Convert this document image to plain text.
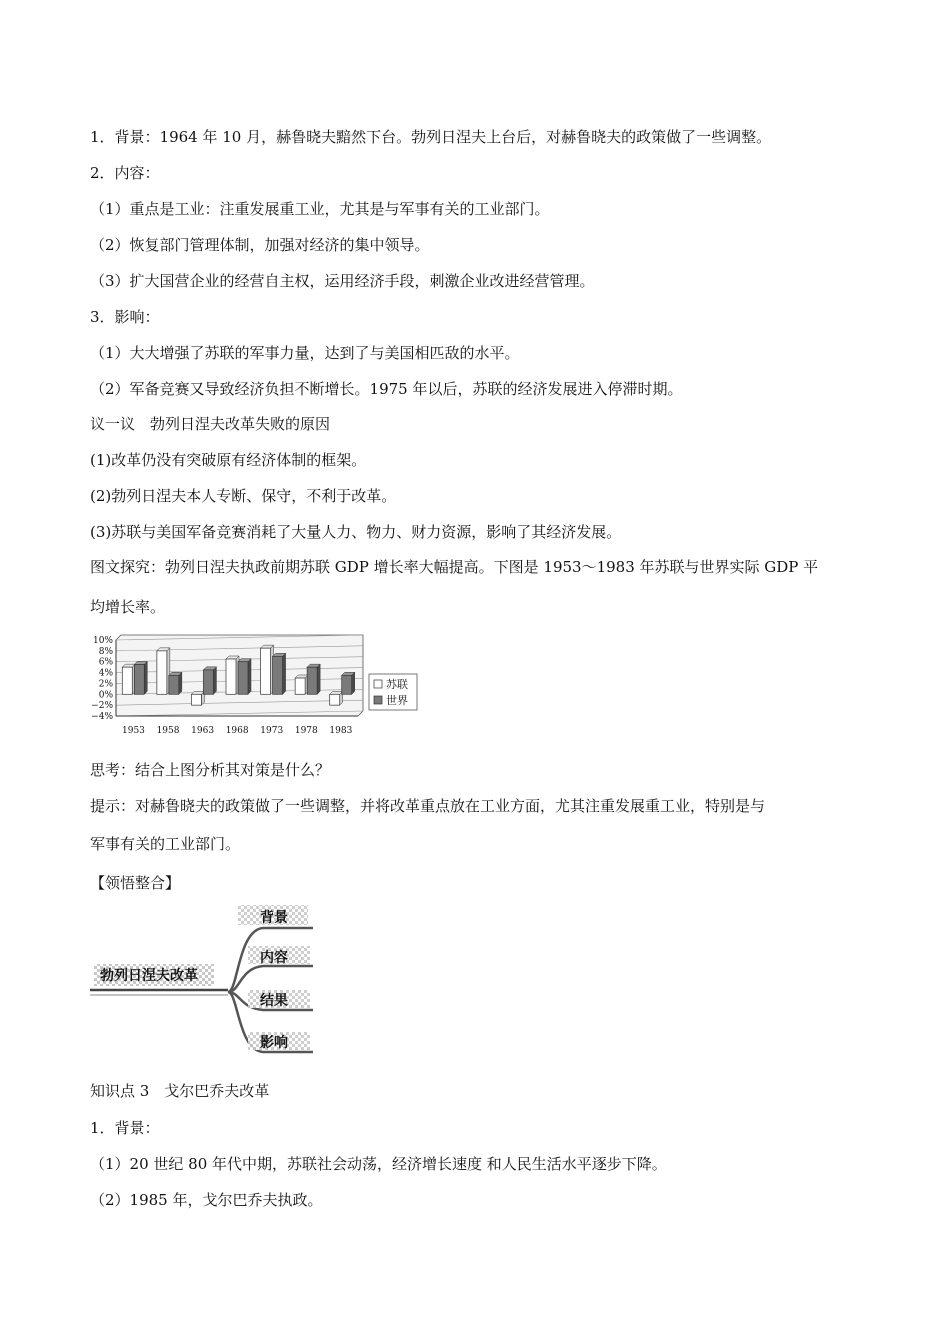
1．背景：1964 年 10 月，赫鲁晓夫黯然下台。勃列日涅夫上台后，对赫鲁晓夫的政策做了一些调整。
2．内容：
（1）重点是工业：注重发展重工业，尤其是与军事有关的工业部门。
（2）恢复部门管理体制，加强对经济的集中领导。
（3）扩大国营企业的经营自主权，运用经济手段，刺激企业改进经营管理。
3．影响：
（1）大大增强了苏联的军事力量，达到了与美国相匹敌的水平。
（2）军备竞赛又导致经济负担不断增长。1975 年以后，苏联的经济发展进入停滞时期。
议一议　勃列日涅夫改革失败的原因
(1)改革仍没有突破原有经济体制的框架。
(2)勃列日涅夫本人专断、保守，不利于改革。
(3)苏联与美国军备竞赛消耗了大量人力、物力、财力资源，影响了其经济发展。
图文探究：勃列日涅夫执政前期苏联 GDP 增长率大幅提高。下图是 1953～1983 年苏联与世界实际 GDP 平
均增长率。
10%
8%
6%
4%
2%
0%
−2%
−4%
1953 1958 1963 1968 1973 1978 1983
苏联
世界
思考：结合上图分析其对策是什么？
提示：对赫鲁晓夫的政策做了一些调整，并将改革重点放在工业方面，尤其注重发展重工业，特别是与
军事有关的工业部门。
【领悟整合】
勃列日涅夫改革
背景
内容
结果
影响
知识点 3　戈尔巴乔夫改革
1．背景：
（1）20 世纪 80 年代中期，苏联社会动荡，经济增长速度 和人民生活水平逐步下降。
（2）1985 年，戈尔巴乔夫执政。
